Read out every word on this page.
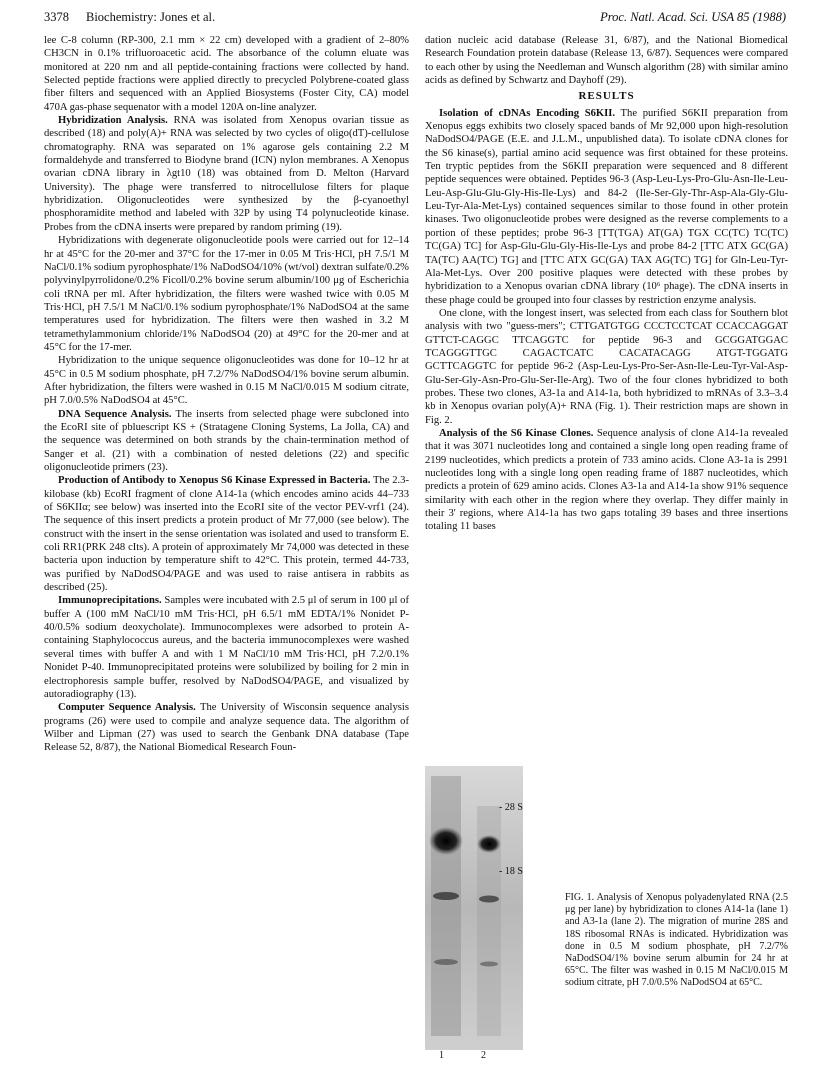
3378 Biochemistry: Jones et al.	Proc. Natl. Acad. Sci. USA 85 (1988)

lee C-8 column (RP-300, 2.1 mm × 22 cm) developed with a gradient of 2–80% CH3CN in 0.1% trifluoroacetic acid. The absorbance of the column eluate was monitored at 220 nm and all peptide-containing fractions were collected by hand. Selected peptide fractions were applied directly to precycled Polybrene-coated glass fiber filters and sequenced with an Applied Biosystems (Foster City, CA) model 470A gas-phase sequenator with a model 120A on-line analyzer.

Hybridization Analysis. RNA was isolated from Xenopus ovarian tissue as described (18) and poly(A)+ RNA was selected by two cycles of oligo(dT)-cellulose chromatography. RNA was separated on 1% agarose gels containing 2.2 M formaldehyde and transferred to Biodyne brand (ICN) nylon membranes. A Xenopus ovarian cDNA library in λgt10 (18) was obtained from D. Melton (Harvard University). The phage were transferred to nitrocellulose filters for plaque hybridization. Oligonucleotides were synthesized by the β-cyanoethyl phosphoramidite method and labeled with 32P by using T4 polynucleotide kinase. Probes from the cDNA inserts were prepared by random priming (19).

Hybridizations with degenerate oligonucleotide pools were carried out for 12–14 hr at 45°C for the 20-mer and 37°C for the 17-mer in 0.05 M Tris·HCl, pH 7.5/1 M NaCl/0.1% sodium pyrophosphate/1% NaDodSO4/10% (wt/vol) dextran sulfate/0.2% polyvinylpyrrolidone/0.2% Ficoll/0.2% bovine serum albumin/100 μg of Escherichia coli tRNA per ml. After hybridization, the filters were washed twice with 0.05 M Tris·HCl, pH 7.5/1 M NaCl/0.1% sodium pyrophosphate/1% NaDodSO4 at the same temperatures used for hybridization. The filters were then washed in 3.2 M tetramethylammonium chloride/1% NaDodSO4 (20) at 49°C for the 20-mer and at 45°C for the 17-mer.

Hybridization to the unique sequence oligonucleotides was done for 10–12 hr at 45°C in 0.5 M sodium phosphate, pH 7.2/7% NaDodSO4/1% bovine serum albumin. After hybridization, the filters were washed in 0.15 M NaCl/0.015 M sodium citrate, pH 7.0/0.5% NaDodSO4 at 45°C.

DNA Sequence Analysis. The inserts from selected phage were subcloned into the EcoRI site of pbluescript KS + (Stratagene Cloning Systems, La Jolla, CA) and the sequence was determined on both strands by the chain-termination method of Sanger et al. (21) with a combination of nested deletions (22) and specific oligonucleotide primers (23).

Production of Antibody to Xenopus S6 Kinase Expressed in Bacteria. The 2.3-kilobase (kb) EcoRI fragment of clone A14-1a (which encodes amino acids 44–733 of S6KIIα; see below) was inserted into the EcoRI site of the vector PEV-vrf1 (24). The sequence of this insert predicts a protein product of Mr 77,000 (see below). The construct with the insert in the sense orientation was isolated and used to transform E. coli RR1(PRK 248 cIts). A protein of approximately Mr 74,000 was detected in these bacteria upon induction by temperature shift to 42°C. This protein, termed 44-733, was purified by NaDodSO4/PAGE and was used to raise antisera in rabbits as described (25).

Immunoprecipitations. Samples were incubated with 2.5 μl of serum in 100 μl of buffer A (100 mM NaCl/10 mM Tris·HCl, pH 6.5/1 mM EDTA/1% Nonidet P-40/0.5% sodium deoxycholate). Immunocomplexes were adsorbed to protein A-containing Staphylococcus aureus, and the bacteria immunocomplexes were washed several times with buffer A and with 1 M NaCl/10 mM Tris·HCl, pH 7.2/0.1% Nonidet P-40. Immunoprecipitated proteins were solubilized by boiling for 2 min in electrophoresis sample buffer, resolved by NaDodSO4/PAGE, and visualized by autoradiography (13).

Computer Sequence Analysis. The University of Wisconsin sequence analysis programs (26) were used to compile and analyze sequence data. The algorithm of Wilber and Lipman (27) was used to search the Genbank DNA database (Tape Release 52, 8/87), the National Biomedical Research Foun-

dation nucleic acid database (Release 31, 6/87), and the National Biomedical Research Foundation protein database (Release 13, 6/87). Sequences were compared to each other by using the Needleman and Wunsch algorithm (28) with similar amino acids as defined by Schwartz and Dayhoff (29).

RESULTS

Isolation of cDNAs Encoding S6KII. The purified S6KII preparation from Xenopus eggs exhibits two closely spaced bands of Mr 92,000 upon high-resolution NaDodSO4/PAGE (E.E. and J.L.M., unpublished data). To isolate cDNA clones for the S6 kinase(s), partial amino acid sequence was first obtained for these proteins. Ten tryptic peptides from the S6KII preparation were sequenced and 8 different peptide sequences were obtained. Peptides 96-3 (Asp-Leu-Lys-Pro-Glu-Asn-Ile-Leu-Leu-Asp-Glu-Glu-Gly-His-Ile-Lys) and 84-2 (Ile-Ser-Gly-Thr-Asp-Ala-Gly-Glu-Leu-Tyr-Ala-Met-Lys) contained sequences similar to those found in other protein kinases. Two oligonucleotide probes were designed as the reverse complements to a portion of these peptides; probe 96-3 [TT(TGA) AT(GA) TGX CC(TC) TC(TC) TC(GA) TC] for Asp-Glu-Glu-Gly-His-Ile-Lys and probe 84-2 [TTC ATX GC(GA) TA(TC) AA(TC) TG] and [TTC ATX GC(GA) TAX AG(TC) TG] for Gln-Leu-Tyr-Ala-Met-Lys. Over 200 positive plaques were detected with these probes by hybridization to a Xenopus ovarian cDNA library (10⁶ phage). The cDNA inserts in these phage could be grouped into four classes by restriction enzyme analysis.

One clone, with the longest insert, was selected from each class for Southern blot analysis with two "guess-mers"; CTTGATGTGG CCCTCCTCAT CCACCAGGAT GTTCT-CAGGC TTCAGGTC for peptide 96-3 and GCGGATGGAC TCAGGGTTGC CAGACTCATC CACATACAGG ATGT-TGGATG GCTTCAGGTC for peptide 96-2 (Asp-Leu-Lys-Pro-Ser-Asn-Ile-Leu-Tyr-Val-Asp-Glu-Ser-Gly-Asn-Pro-Glu-Ser-Ile-Arg). Two of the four clones hybridized to both probes. These two clones, A3-1a and A14-1a, both hybridized to mRNAs of 3.3–3.4 kb in Xenopus ovarian poly(A)+ RNA (Fig. 1). Their restriction maps are shown in Fig. 2.

Analysis of the S6 Kinase Clones. Sequence analysis of clone A14-1a revealed that it was 3071 nucleotides long and contained a single long open reading frame of 2199 nucleotides, which predicts a protein of 733 amino acids. Clone A3-1a is 2991 nucleotides long with a single long open reading frame of 1887 nucleotides, which predicts a protein of 629 amino acids. Clones A3-1a and A14-1a show 91% sequence similarity with each other in the region where they overlap. They differ mainly in their 3' regions, where A14-1a has two gaps totaling 39 bases and three insertions totaling 11 bases

- 28 S
- 18 S
1	2
FIG. 1. Analysis of Xenopus polyadenylated RNA (2.5 μg per lane) by hybridization to clones A14-1a (lane 1) and A3-1a (lane 2). The migration of murine 28S and 18S ribosomal RNAs is indicated. Hybridization was done in 0.5 M sodium phosphate, pH 7.2/7% NaDodSO4/1% bovine serum albumin for 24 hr at 65°C. The filter was washed in 0.15 M NaCl/0.015 M sodium citrate, pH 7.0/0.5% NaDodSO4 at 65°C.
